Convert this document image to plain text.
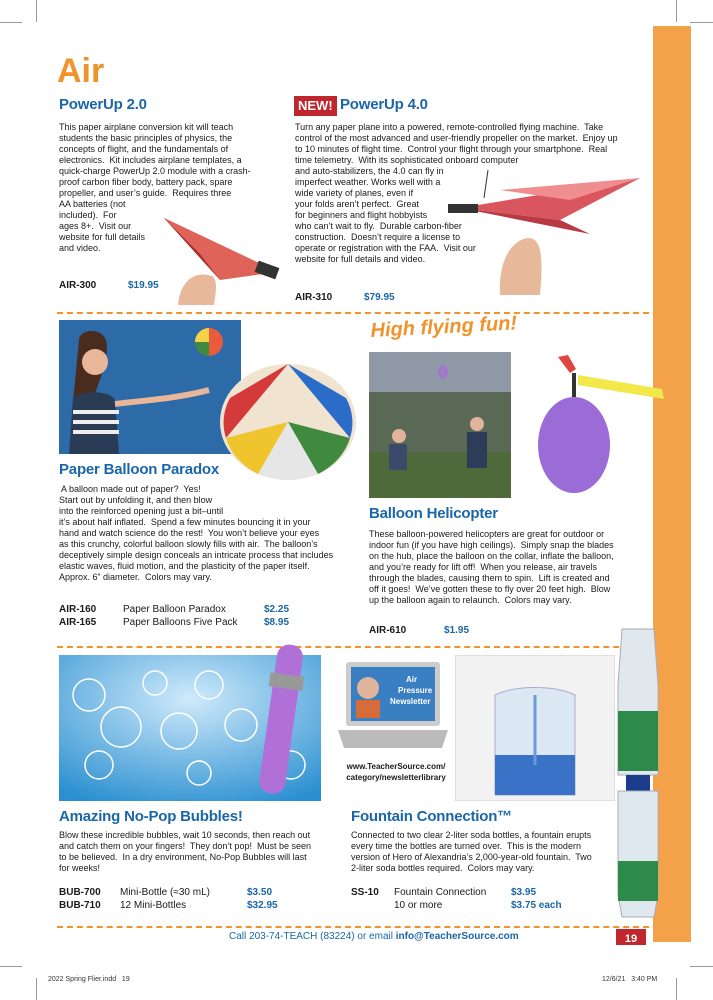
Air
PowerUp 2.0
This paper airplane conversion kit will teach
students the basic principles of physics, the
concepts of flight, and the fundamentals of
electronics.  Kit includes airplane templates, a
quick-charge PowerUp 2.0 module with a crash-
proof carbon fiber body, battery pack, spare
propeller, and user’s guide.  Requires three
AA batteries (not
included).  For
ages 8+.  Visit our
website for full details
and video.
AIR-300	$19.95
NEW! PowerUp 4.0
Turn any paper plane into a powered, remote-controlled flying machine.  Take
control of the most advanced and user-friendly propeller on the market.  Enjoy up
to 10 minutes of flight time.  Control your flight through your smartphone.  Real
time telemetry.  With its sophisticated onboard computer
and auto-stabilizers, the 4.0 can fly in
imperfect weather. Works well with a
wide variety of planes, even if
your folds aren’t perfect.  Great
for beginners and flight hobbyists
who can’t wait to fly.  Durable carbon-fiber
construction.  Doesn’t require a license to
operate or registration with the FAA.  Visit our
website for full details and video.
AIR-310	$79.95
Paper Balloon Paradox
A balloon made out of paper?  Yes!
Start out by unfolding it, and then blow
into the reinforced opening just a bit–until
it’s about half inflated.  Spend a few minutes bouncing it in your
hand and watch science do the rest!  You won’t believe your eyes
as this crunchy, colorful balloon slowly fills with air.  The balloon’s
deceptively simple design conceals an intricate process that includes
elastic waves, fluid motion, and the plasticity of the paper itself.
Approx. 6” diameter.  Colors may vary.
AIR-160	Paper Balloon Paradox	$2.25
AIR-165	Paper Balloons Five Pack	$8.95
High flying fun!
Balloon Helicopter
These balloon-powered helicopters are great for outdoor or
indoor fun (if you have high ceilings).  Simply snap the blades
on the hub, place the balloon on the collar, inflate the balloon,
and you’re ready for lift off!  When you release, air travels
through the blades, causing them to spin.  Lift is created and
off it goes!  We’ve gotten these to fly over 20 feet high.  Blow
up the balloon again to relaunch.  Colors may vary.
AIR-610	$1.95
Amazing No-Pop Bubbles!
Blow these incredible bubbles, wait 10 seconds, then reach out
and catch them on your fingers!  They don’t pop!  Must be seen
to be believed.  In a dry environment, No-Pop Bubbles will last
for weeks!
BUB-700 Mini-Bottle (≈30 mL)	$3.50
BUB-710 12 Mini-Bottles	$32.95
Air
Pressure
Newsletter
www.TeacherSource.com/
category/newsletterlibrary
Fountain Connection™
Connected to two clear 2-liter soda bottles, a fountain erupts
every time the bottles are turned over.  This is the modern
version of Hero of Alexandria’s 2,000-year-old fountain.  Two
2-liter soda bottles required.  Colors may vary.
SS-10 Fountain Connection $3.95
10 or more	$3.75 each
Call 203-74-TEACH (83224) or email info@TeacherSource.com	19
2022 Spring Flier.indd   19	12/6/21   3:40 PM
